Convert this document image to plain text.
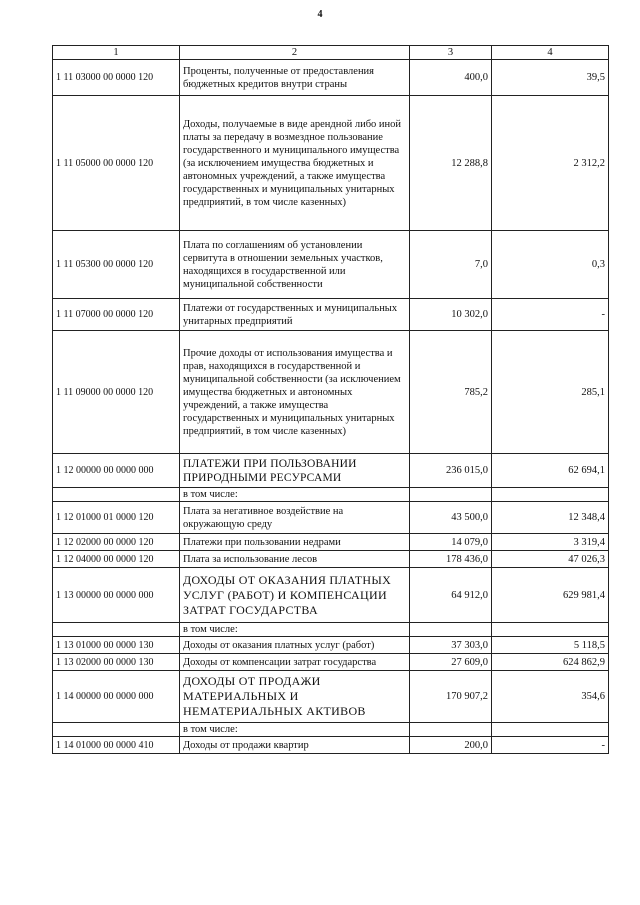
4
1	2	3	4
1 11 03000 00 0000 120	Проценты, полученные от предоставления бюджетных кредитов внутри страны	400,0	39,5
1 11 05000 00 0000 120	Доходы, получаемые в виде арендной либо иной платы за передачу в возмездное пользование государственного и муниципального имущества (за исключением имущества бюджетных и автономных учреждений, а также имущества государственных и муниципальных унитарных предприятий, в том числе казенных)	12 288,8	2 312,2
1 11 05300 00 0000 120	Плата по соглашениям об установлении сервитута в отношении земельных участков, находящихся в государственной или муниципальной собственности	7,0	0,3
1 11 07000 00 0000 120	Платежи от государственных и муниципальных унитарных предприятий	10 302,0	-
1 11 09000 00 0000 120	Прочие доходы от использования имущества и прав, находящихся в государственной и муниципальной собственности (за исключением имущества бюджетных и автономных учреждений, а также имущества государственных и муниципальных унитарных предприятий, в том числе казенных)	785,2	285,1
1 12 00000 00 0000 000	ПЛАТЕЖИ ПРИ ПОЛЬЗОВАНИИ ПРИРОДНЫМИ РЕСУРСАМИ	236 015,0	62 694,1
	в том числе:		
1 12 01000 01 0000 120	Плата за негативное воздействие на окружающую среду	43 500,0	12 348,4
1 12 02000 00 0000 120	Платежи при пользовании недрами	14 079,0	3 319,4
1 12 04000 00 0000 120	Плата за использование лесов	178 436,0	47 026,3
1 13 00000 00 0000 000	ДОХОДЫ ОТ ОКАЗАНИЯ ПЛАТНЫХ УСЛУГ (РАБОТ) И КОМПЕНСАЦИИ ЗАТРАТ ГОСУДАРСТВА	64 912,0	629 981,4
	в том числе:		
1 13 01000 00 0000 130	Доходы от оказания платных услуг (работ)	37 303,0	5 118,5
1 13 02000 00 0000 130	Доходы от компенсации затрат государства	27 609,0	624 862,9
1 14 00000 00 0000 000	ДОХОДЫ ОТ ПРОДАЖИ МАТЕРИАЛЬНЫХ И НЕМАТЕРИАЛЬНЫХ АКТИВОВ	170 907,2	354,6
	в том числе:		
1 14 01000 00 0000 410	Доходы от продажи квартир	200,0	-
